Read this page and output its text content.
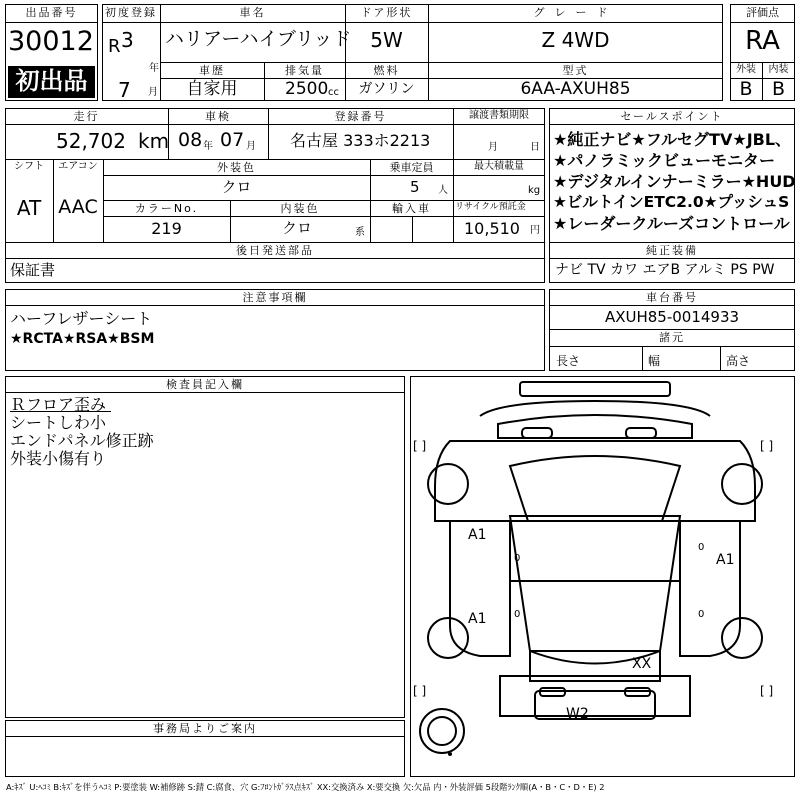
出品番号
30012
初出品
初度登録
R 3
年
7 月
車名
ハリアーハイブリッド
ドア形状
5W
グレード
Z 4WD
車歴
自家用
排気量
2500 cc
燃料
ガソリン
型式
6AA-AXUH85
評価点
RA
外装	内装
B	B
走行
52,702 km
車検
08 年 07 月
登録番号
名古屋 333ホ2213
譲渡書類期限
月	日
シフト
AT
エアコン
AAC
外装色
クロ
乗車定員
5 人
最大積載量
kg
カラーNo.
219
内装色
クロ	系
輸入車	リサイクル預託金
10,510 円
後日発送部品
保証書
セールスポイント
★純正ナビ★フルセグTV★JBL、
★パノラミックビューモニター
★デジタルインナーミラー★HUD
★ビルトインETC2.0★プッシュS
★レーダークルーズコントロール
純正装備
ナビ TV カワ エアB アルミ PS PW
注意事項欄
ハーフレザーシート
★RCTA★RSA★BSM
車台番号
AXUH85-0014933
諸元
長さ	幅	高さ
検査員記入欄
Ｒフロア歪み
シートしわ小
エンドパネル修正跡
外装小傷有り
事務局よりご案内
[ ]	[ ]
[ ]	[ ]
A1
A1
A1
XX
W2
0
0
0
0
A:ｷｽﾞ U:ﾍｺﾐ B:ｷｽﾞを伴うﾍｺﾐ P:要塗装 W:補修跡 S:錆 C:腐食、穴 G:ﾌﾛﾝﾄｶﾞﾗｽ点ｷｽﾞ XX:交換済み X:要交換 欠:欠品 内・外装評価 5段階ﾗﾝｸ順(A・B・C・D・E) 2
